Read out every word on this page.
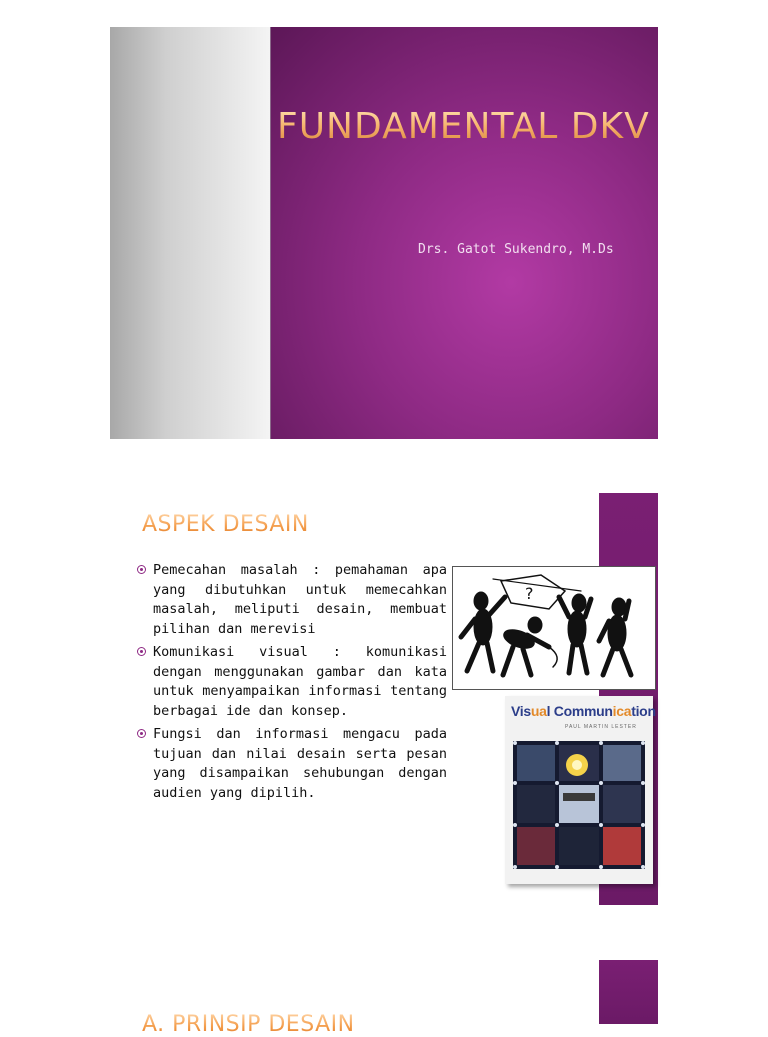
FUNDAMENTAL DKV
Drs. Gatot Sukendro, M.Ds
ASPEK DESAIN
Pemecahan masalah : pemahaman apa yang dibutuhkan untuk memecahkan masalah, meliputi desain, membuat pilihan dan merevisi
Komunikasi visual : komunikasi dengan menggunakan gambar dan kata untuk menyampaikan informasi tentang berbagai ide dan konsep.
Fungsi dan informasi mengacu pada tujuan dan nilai desain serta pesan yang disampaikan sehubungan dengan audien yang dipilih.
?
Visual Communication
PAUL MARTIN LESTER
A. PRINSIP DESAIN
